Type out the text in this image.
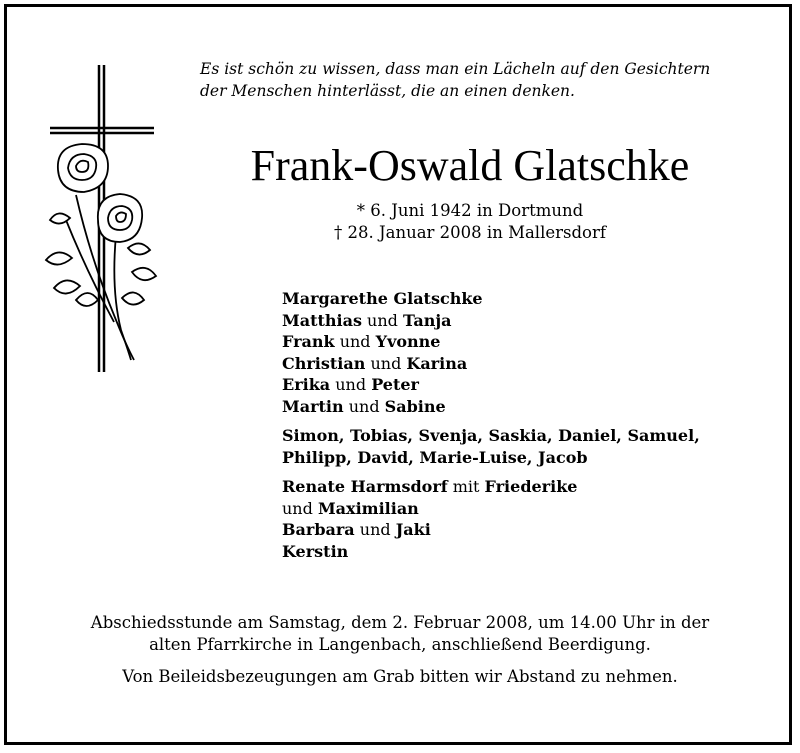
Es ist schön zu wissen, dass man ein Lächeln auf den Gesichtern
der Menschen hinterlässt, die an einen denken.
Frank-Oswald Glatschke
* 6. Juni 1942 in Dortmund
† 28. Januar 2008 in Mallersdorf
Margarethe Glatschke
Matthias und Tanja
Frank und Yvonne
Christian und Karina
Erika und Peter
Martin und Sabine
Simon, Tobias, Svenja, Saskia, Daniel, Samuel,
Philipp, David, Marie-Luise, Jacob
Renate Harmsdorf mit Friederike
und Maximilian
Barbara und Jaki
Kerstin

Abschiedsstunde am Samstag, dem 2. Februar 2008, um 14.00 Uhr in der

alten Pfarrkirche in Langenbach, anschließend Beerdigung.

Von Beileidsbezeugungen am Grab bitten wir Abstand zu nehmen.
